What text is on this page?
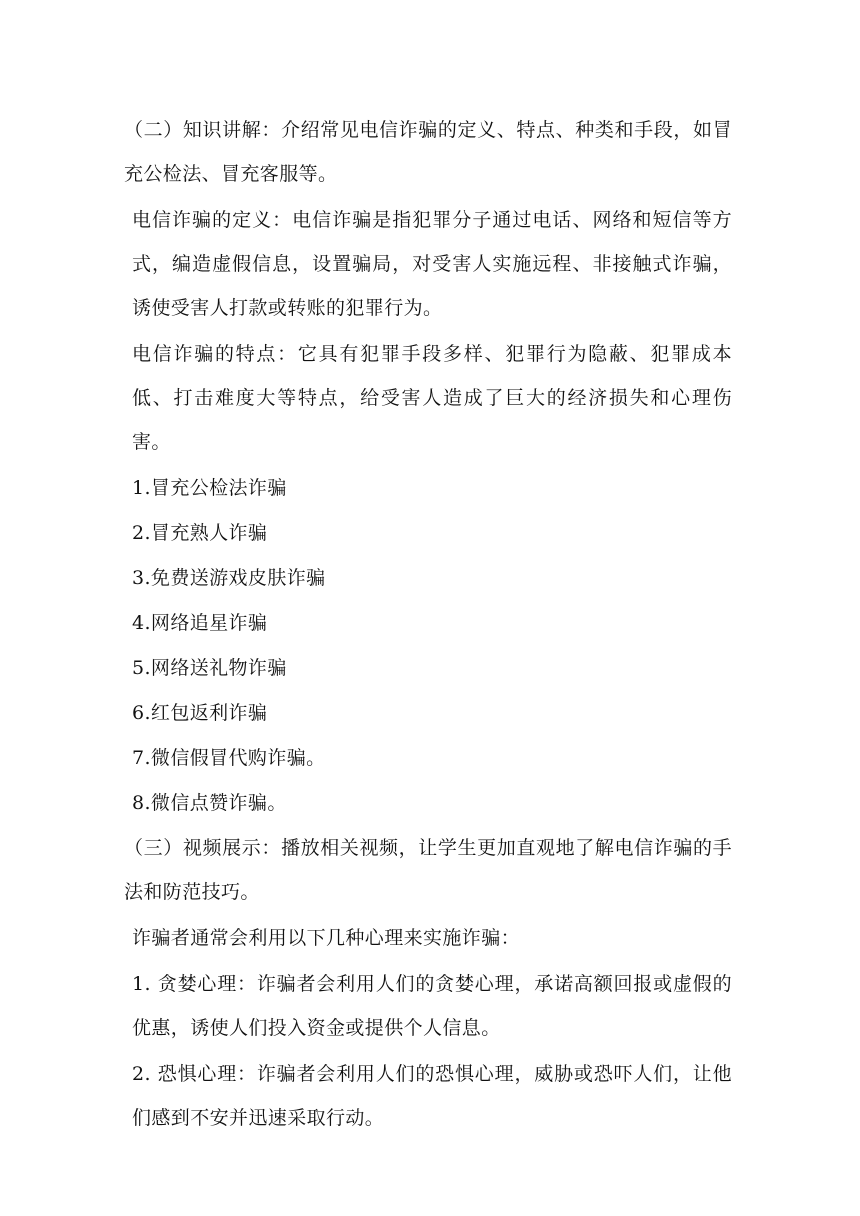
（二）知识讲解：介绍常见电信诈骗的定义、特点、种类和手段，如冒充公检法、冒充客服等。

电信诈骗的定义：电信诈骗是指犯罪分子通过电话、网络和短信等方式，编造虚假信息，设置骗局，对受害人实施远程、非接触式诈骗，诱使受害人打款或转账的犯罪行为。

电信诈骗的特点：它具有犯罪手段多样、犯罪行为隐蔽、犯罪成本低、打击难度大等特点，给受害人造成了巨大的经济损失和心理伤害。

1.冒充公检法诈骗

2.冒充熟人诈骗

3.免费送游戏皮肤诈骗

4.网络追星诈骗

5.网络送礼物诈骗

6.红包返利诈骗

7.微信假冒代购诈骗。

8.微信点赞诈骗。

（三）视频展示：播放相关视频，让学生更加直观地了解电信诈骗的手法和防范技巧。

诈骗者通常会利用以下几种心理来实施诈骗：

1. 贪婪心理：诈骗者会利用人们的贪婪心理，承诺高额回报或虚假的优惠，诱使人们投入资金或提供个人信息。

2. 恐惧心理：诈骗者会利用人们的恐惧心理，威胁或恐吓人们，让他们感到不安并迅速采取行动。
